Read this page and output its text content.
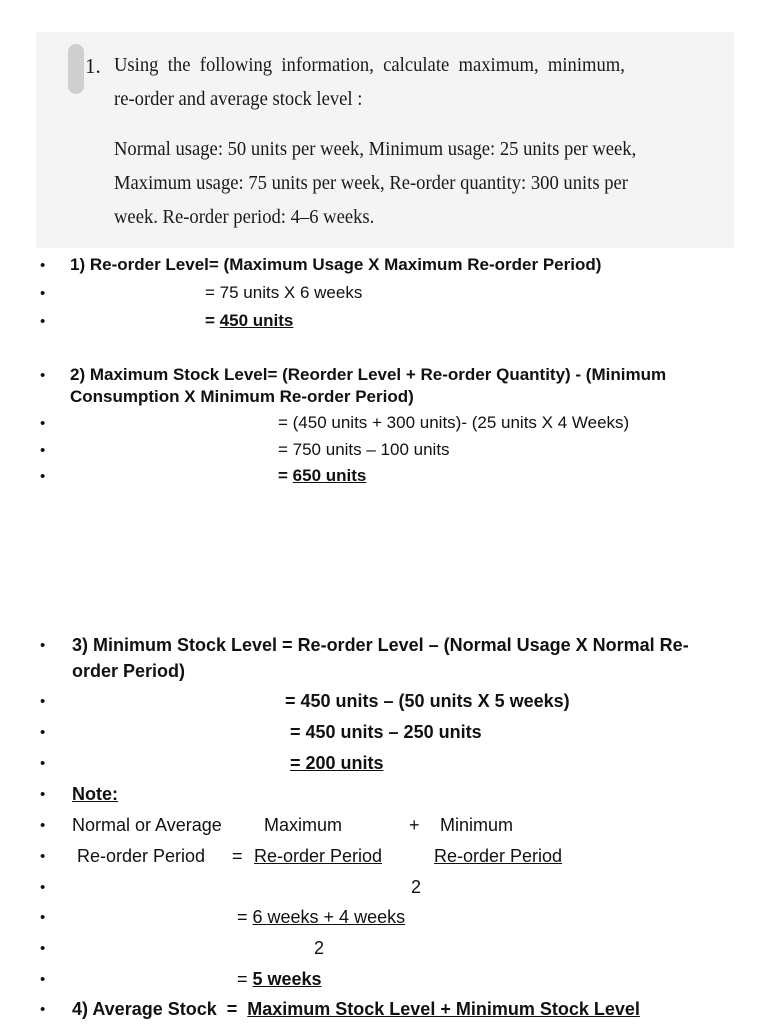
1. Using the following information, calculate maximum, minimum,
re-order and average stock level :
Normal usage: 50 units per week, Minimum usage: 25 units per week,
Maximum usage: 75 units per week, Re-order quantity: 300 units per
week. Re-order period: 4–6 weeks.
• 1) Re-order Level= (Maximum Usage X Maximum Re-order Period)
•	= 75 units X 6 weeks
•	= 450 units
• 2) Maximum Stock Level= (Reorder Level + Re-order Quantity) - (Minimum
Consumption X Minimum Re-order Period)
•	= (450 units + 300 units)- (25 units X 4 Weeks)
•	= 750 units – 100 units
•	= 650 units
• 3) Minimum Stock Level = Re-order Level – (Normal Usage X Normal Re-
order Period)
•	= 450 units – (50 units X 5 weeks)
•	= 450 units – 250 units
•	= 200 units
• Note:
• Normal or Average Maximum	+ Minimum
• Re-order Period = Re-order Period	Re-order Period
•	2
•	= 6 weeks + 4 weeks
•	2
•	= 5 weeks
• 4) Average Stock  =  Maximum Stock Level + Minimum Stock Level
